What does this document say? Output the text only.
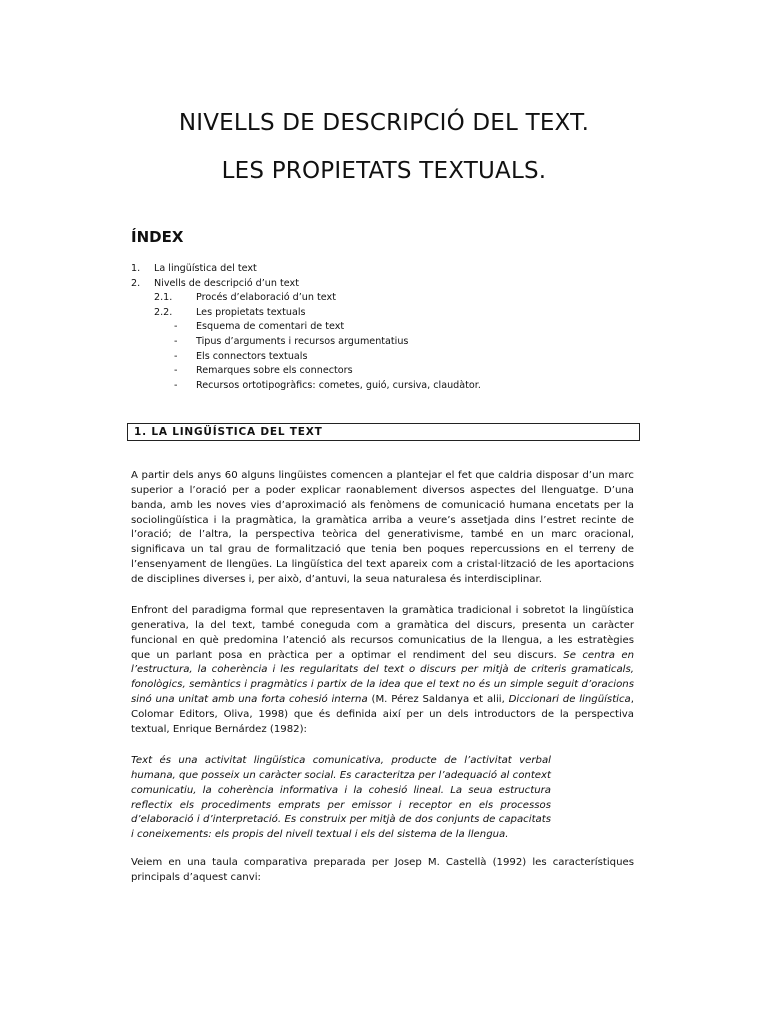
NIVELLS DE DESCRIPCIÓ DEL TEXT.
LES PROPIETATS TEXTUALS.
ÍNDEX
1. La lingüística del text
2. Nivells de descripció d’un text
2.1. Procés d’elaboració d’un text
2.2. Les propietats textuals
- Esquema de comentari de text
- Tipus d’arguments i recursos argumentatius
- Els connectors textuals
- Remarques sobre els connectors
- Recursos ortotipogràfics: cometes, guió, cursiva, claudàtor.
1. LA LINGÜÍSTICA DEL TEXT

A partir dels anys 60 alguns lingüistes comencen a plantejar el fet que caldria disposar d’un marc superior a l’oració per a poder explicar raonablement diversos aspectes del llenguatge. D’una banda, amb les noves vies d’aproximació als fenòmens de comunicació humana encetats per la sociolingüística i la pragmàtica, la gramàtica arriba a veure’s assetjada dins l’estret recinte de l’oració; de l’altra, la perspectiva teòrica del generativisme, també en un marc oracional, significava un tal grau de formalització que tenia ben poques repercussions en el terreny de l’ensenyament de llengües. La lingüística del text apareix com a cristal·lització de les aportacions de disciplines diverses i, per això, d’antuvi, la seua naturalesa és interdisciplinar.

Enfront del paradigma formal que representaven la gramàtica tradicional i sobretot la lingüística generativa, la del text, també coneguda com a gramàtica del discurs, presenta un caràcter funcional en què predomina l’atenció als recursos comunicatius de la llengua, a les estratègies que un parlant posa en pràctica per a optimar el rendiment del seu discurs. Se centra en l’estructura, la coherència i les regularitats del text o discurs per mitjà de criteris gramaticals, fonològics, semàntics i pragmàtics i partix de la idea que el text no és un simple seguit d’oracions sinó una unitat amb una forta cohesió interna (M. Pérez Saldanya et alii, Diccionari de lingüística, Colomar Editors, Oliva, 1998) que és definida així per un dels introductors de la perspectiva textual, Enrique Bernárdez (1982):

Text és una activitat lingüística comunicativa, producte de l’activitat verbal humana, que posseix un caràcter social. Es caracteritza per l’adequació al context comunicatiu, la coherència informativa i la cohesió lineal. La seua estructura reflectix els procediments emprats per emissor i receptor en els processos d’elaboració i d’interpretació. Es construix per mitjà de dos conjunts de capacitats i coneixements: els propis del nivell textual i els del sistema de la llengua.

Veiem en una taula comparativa preparada per Josep M. Castellà (1992) les característiques principals d’aquest canvi:
